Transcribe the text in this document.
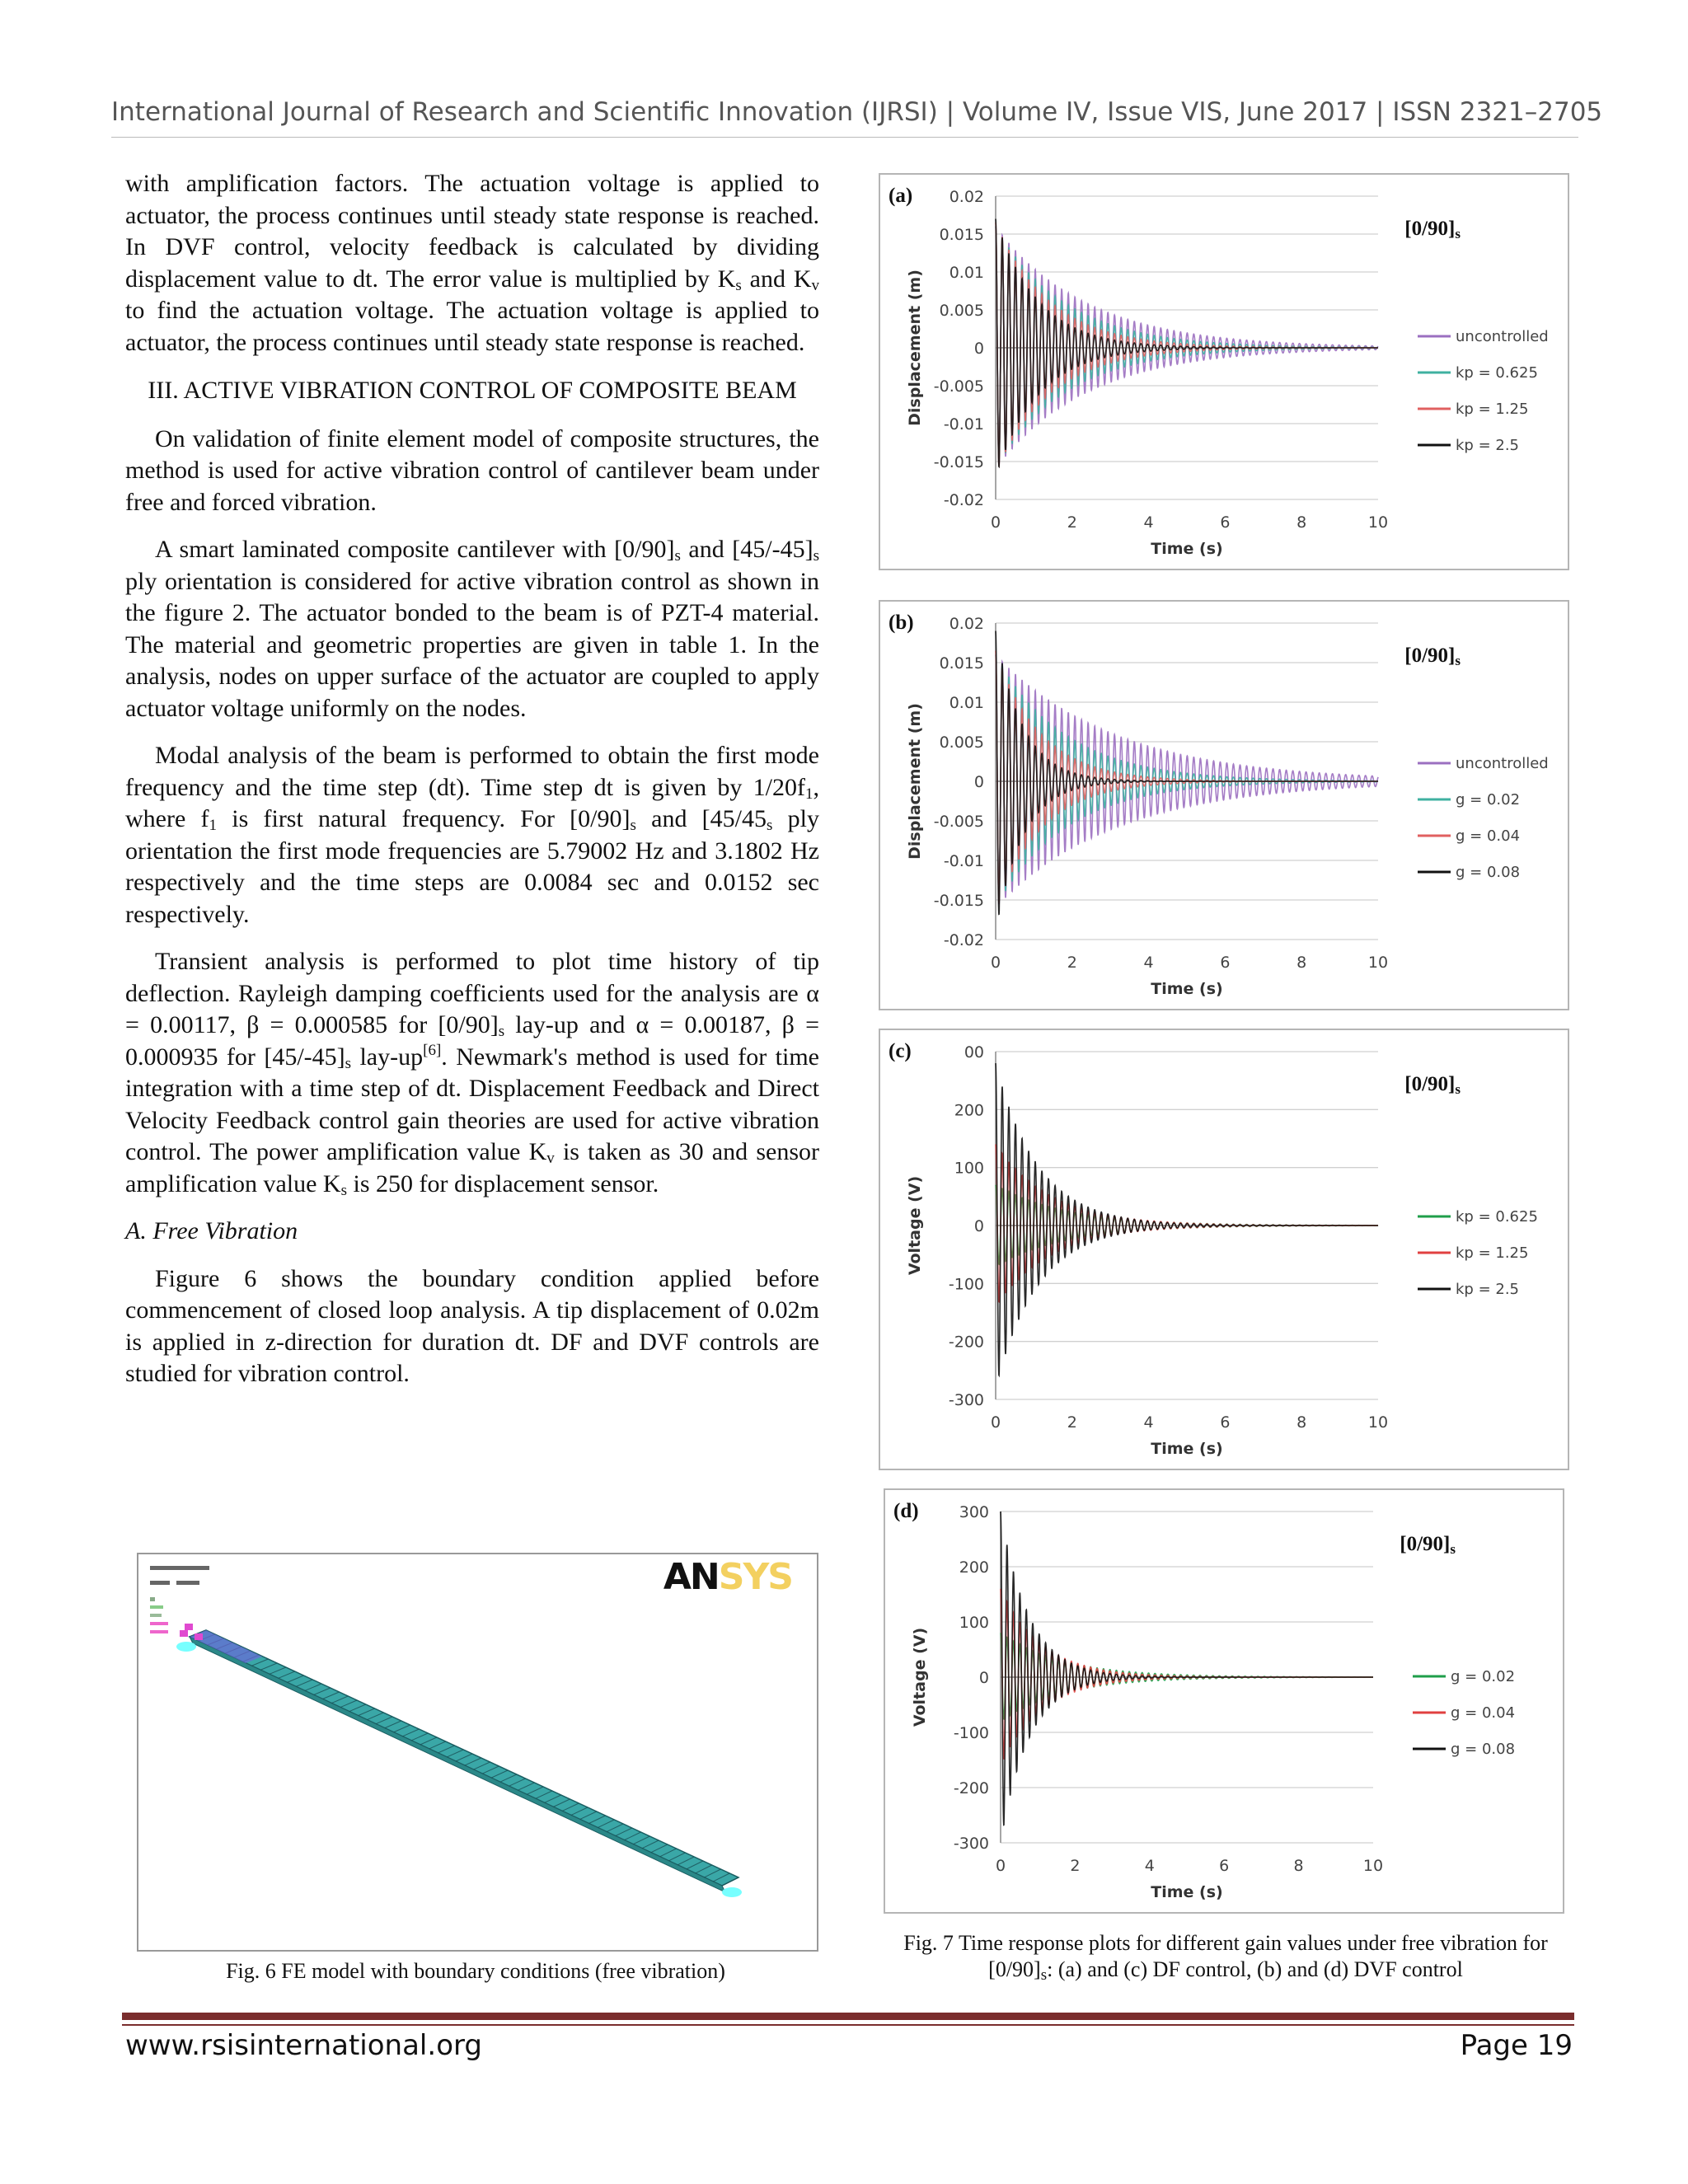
International Journal of Research and Scientific Innovation (IJRSI) | Volume IV, Issue VIS, June 2017 | ISSN 2321–2705

with amplification factors. The actuation voltage is applied to actuator, the process continues until steady state response is reached. In DVF control, velocity feedback is calculated by dividing displacement value to dt. The error value is multiplied by $K_s$ and $K_v$ to find the actuation voltage. The actuation voltage is applied to actuator, the process continues until steady state response is reached.

III. ACTIVE VIBRATION CONTROL OF COMPOSITE BEAM

On validation of finite element model of composite structures, the method is used for active vibration control of cantilever beam under free and forced vibration.

A smart laminated composite cantilever with $[0/90]_s$ and $[45/-45]_s$ ply orientation is considered for active vibration control as shown in the figure 2. The actuator bonded to the beam is of PZT-4 material. The material and geometric properties are given in table 1. In the analysis, nodes on upper surface of the actuator are coupled to apply actuator voltage uniformly on the nodes.

Modal analysis of the beam is performed to obtain the first mode frequency and the time step (dt). Time step dt is given by $1/20f_1$, where $f_1$ is first natural frequency. For $[0/90]_s$ and [$45/45_s$ ply orientation the first mode frequencies are 5.79002 Hz and 3.1802 Hz respectively and the time steps are 0.0084 sec and 0.0152 sec respectively.

Transient analysis is performed to plot time history of tip deflection. Rayleigh damping coefficients used for the analysis are α = 0.00117, β = 0.000585 for $[0/90]_s$ lay-up and α = 0.00187, β = 0.000935 for $[45/-45]_s$ lay-up[6]. Newmark's method is used for time integration with a time step of dt. Displacement Feedback and Direct Velocity Feedback control gain theories are used for active vibration control. The power amplification value $K_v$ is taken as 30 and sensor amplification value $K_s$ is 250 for displacement sensor.

A. Free Vibration

Figure 6 shows the boundary condition applied before commencement of closed loop analysis. A tip displacement of 0.02m is applied in z-direction for duration dt. DF and DVF controls are studied for vibration control.

ANSYS
Fig. 6 FE model with boundary conditions (free vibration)
-0.02
-0.015
-0.01
-0.005
0
0.005
0.01
0.015
0.02
0	2	4	6	8	10
Time (s)
Displacement (m)	uncontrolled
kp = 0.625
kp = 1.25
kp = 2.5
(a)
$[0/90]_s$
-0.02
-0.015
-0.01
-0.005
0
0.005
0.01
0.015
0.02
0	2	4	6	8	10
Time (s)
Displacement (m)	uncontrolled
g = 0.02
g = 0.04
g = 0.08
(b)
$[0/90]_s$
-300
-200
-100
0
100
200
00
0	2	4	6	8	10
Time (s)
Voltage (V)	kp = 0.625
kp = 1.25
kp = 2.5
(c)
$[0/90]_s$
-300
-200
-100
0
100
200
300
0	2	4	6	8	10
Time (s)
Voltage (V)	g = 0.02
g = 0.04
g = 0.08
(d)
$[0/90]_s$
Fig. 7 Time response plots for different gain values under free vibration for $[0/90]_s$: (a) and (c) DF control, (b) and (d) DVF control
www.rsisinternational.org	Page 19
